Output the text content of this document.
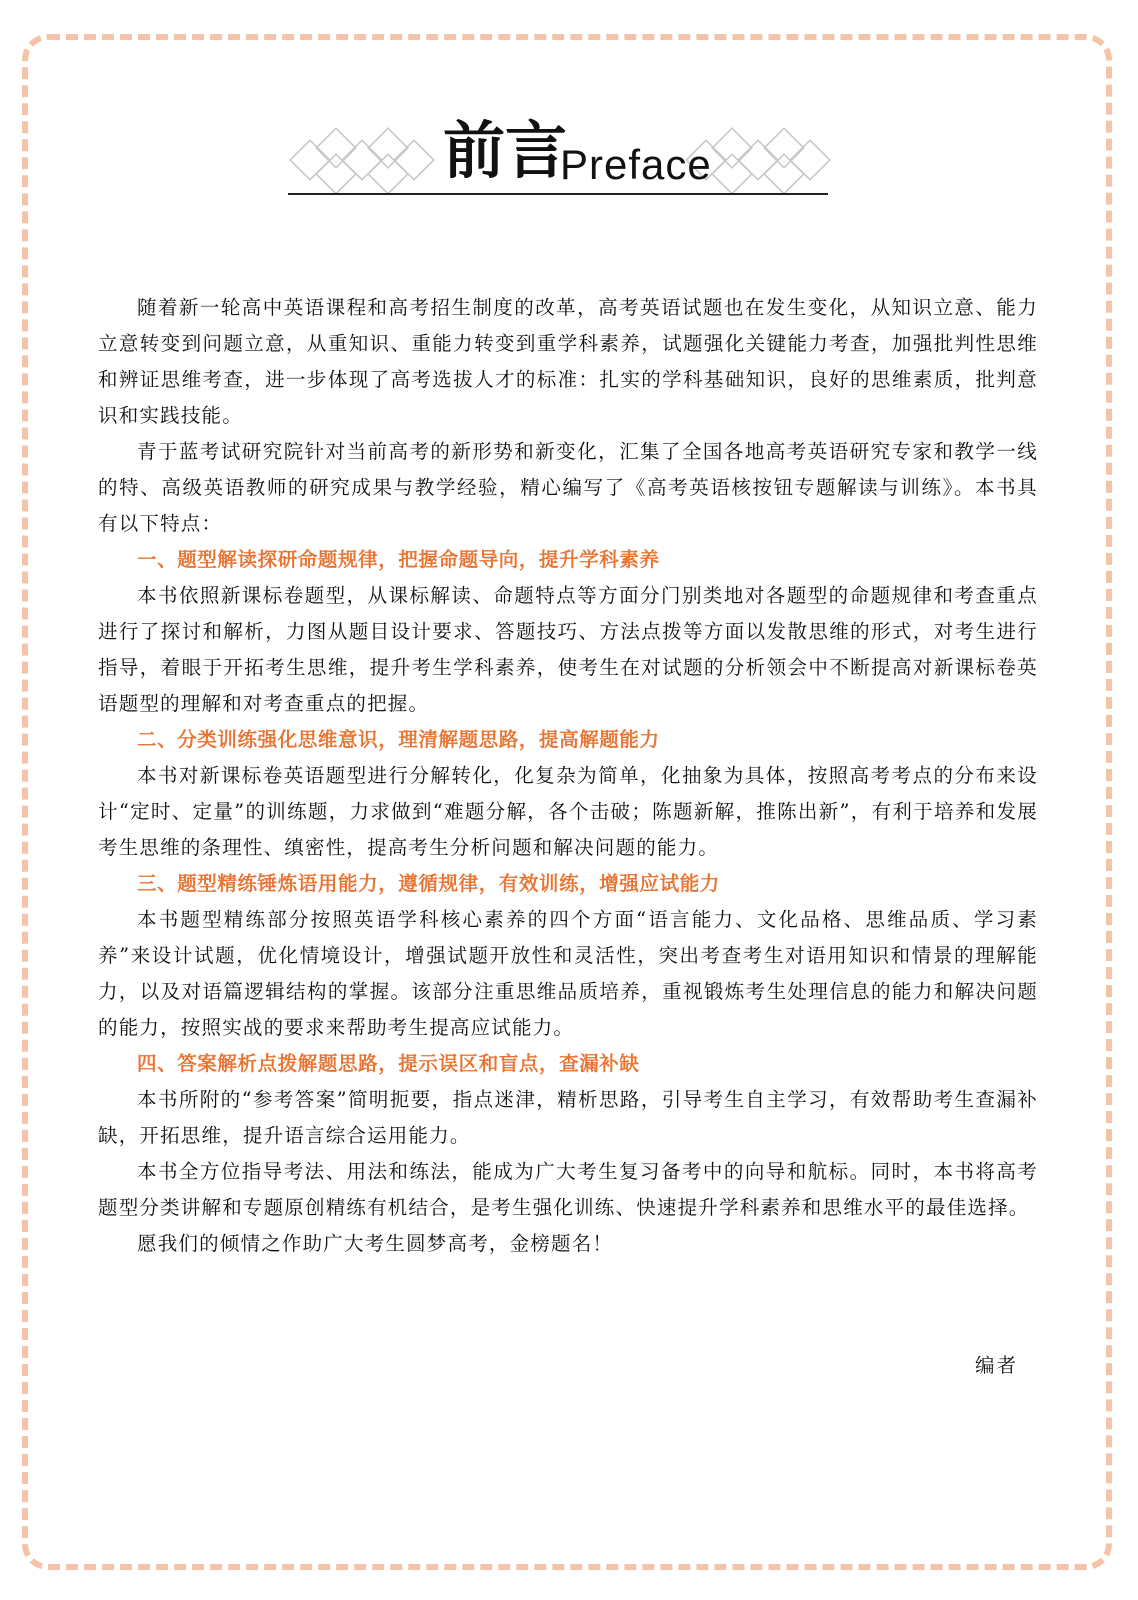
前言
Preface

随着新一轮高中英语课程和高考招生制度的改革，高考英语试题也在发生变化，从知识立意、能力立意转变到问题立意，从重知识、重能力转变到重学科素养，试题强化关键能力考查，加强批判性思维和辨证思维考查，进一步体现了高考选拔人才的标准：扎实的学科基础知识，良好的思维素质，批判意识和实践技能。

青于蓝考试研究院针对当前高考的新形势和新变化，汇集了全国各地高考英语研究专家和教学一线的特、高级英语教师的研究成果与教学经验，精心编写了《高考英语核按钮专题解读与训练》。本书具有以下特点：

一、题型解读探研命题规律，把握命题导向，提升学科素养

本书依照新课标卷题型，从课标解读、命题特点等方面分门别类地对各题型的命题规律和考查重点进行了探讨和解析，力图从题目设计要求、答题技巧、方法点拨等方面以发散思维的形式，对考生进行指导，着眼于开拓考生思维，提升考生学科素养，使考生在对试题的分析领会中不断提高对新课标卷英语题型的理解和对考查重点的把握。

二、分类训练强化思维意识，理清解题思路，提高解题能力

本书对新课标卷英语题型进行分解转化，化复杂为简单，化抽象为具体，按照高考考点的分布来设计“定时、定量”的训练题，力求做到“难题分解，各个击破；陈题新解，推陈出新”，有利于培养和发展考生思维的条理性、缜密性，提高考生分析问题和解决问题的能力。

三、题型精练锤炼语用能力，遵循规律，有效训练，增强应试能力

本书题型精练部分按照英语学科核心素养的四个方面“语言能力、文化品格、思维品质、学习素养”来设计试题，优化情境设计，增强试题开放性和灵活性，突出考查考生对语用知识和情景的理解能力，以及对语篇逻辑结构的掌握。该部分注重思维品质培养，重视锻炼考生处理信息的能力和解决问题的能力，按照实战的要求来帮助考生提高应试能力。

四、答案解析点拨解题思路，提示误区和盲点，查漏补缺

本书所附的“参考答案”简明扼要，指点迷津，精析思路，引导考生自主学习，有效帮助考生查漏补缺，开拓思维，提升语言综合运用能力。

本书全方位指导考法、用法和练法，能成为广大考生复习备考中的向导和航标。同时，本书将高考题型分类讲解和专题原创精练有机结合，是考生强化训练、快速提升学科素养和思维水平的最佳选择。

愿我们的倾情之作助广大考生圆梦高考，金榜题名！

编者
